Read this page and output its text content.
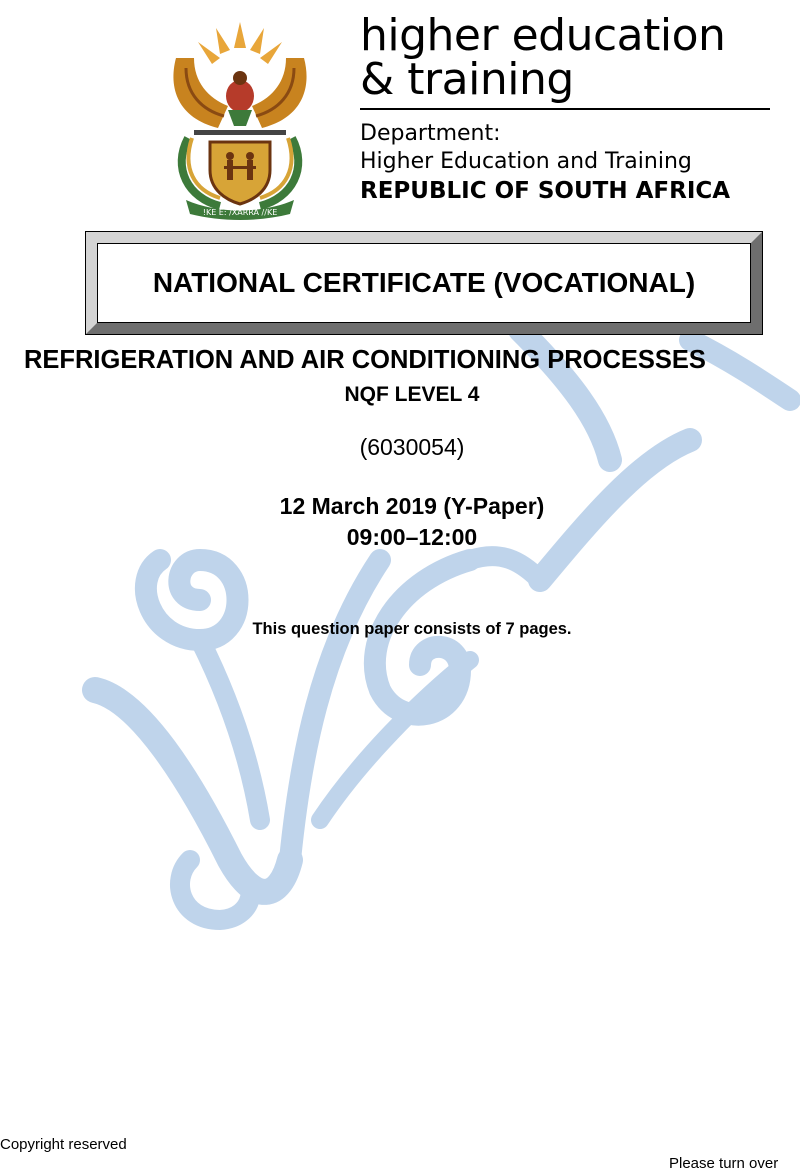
!KE E: /XARRA //KE
higher education
& training
Department:
Higher Education and Training
REPUBLIC OF SOUTH AFRICA
NATIONAL CERTIFICATE (VOCATIONAL)
REFRIGERATION AND AIR CONDITIONING PROCESSES
NQF LEVEL 4
(6030054)
12 March 2019 (Y-Paper)
09:00–12:00
This question paper consists of 7 pages.
Copyright reserved
Please turn over
